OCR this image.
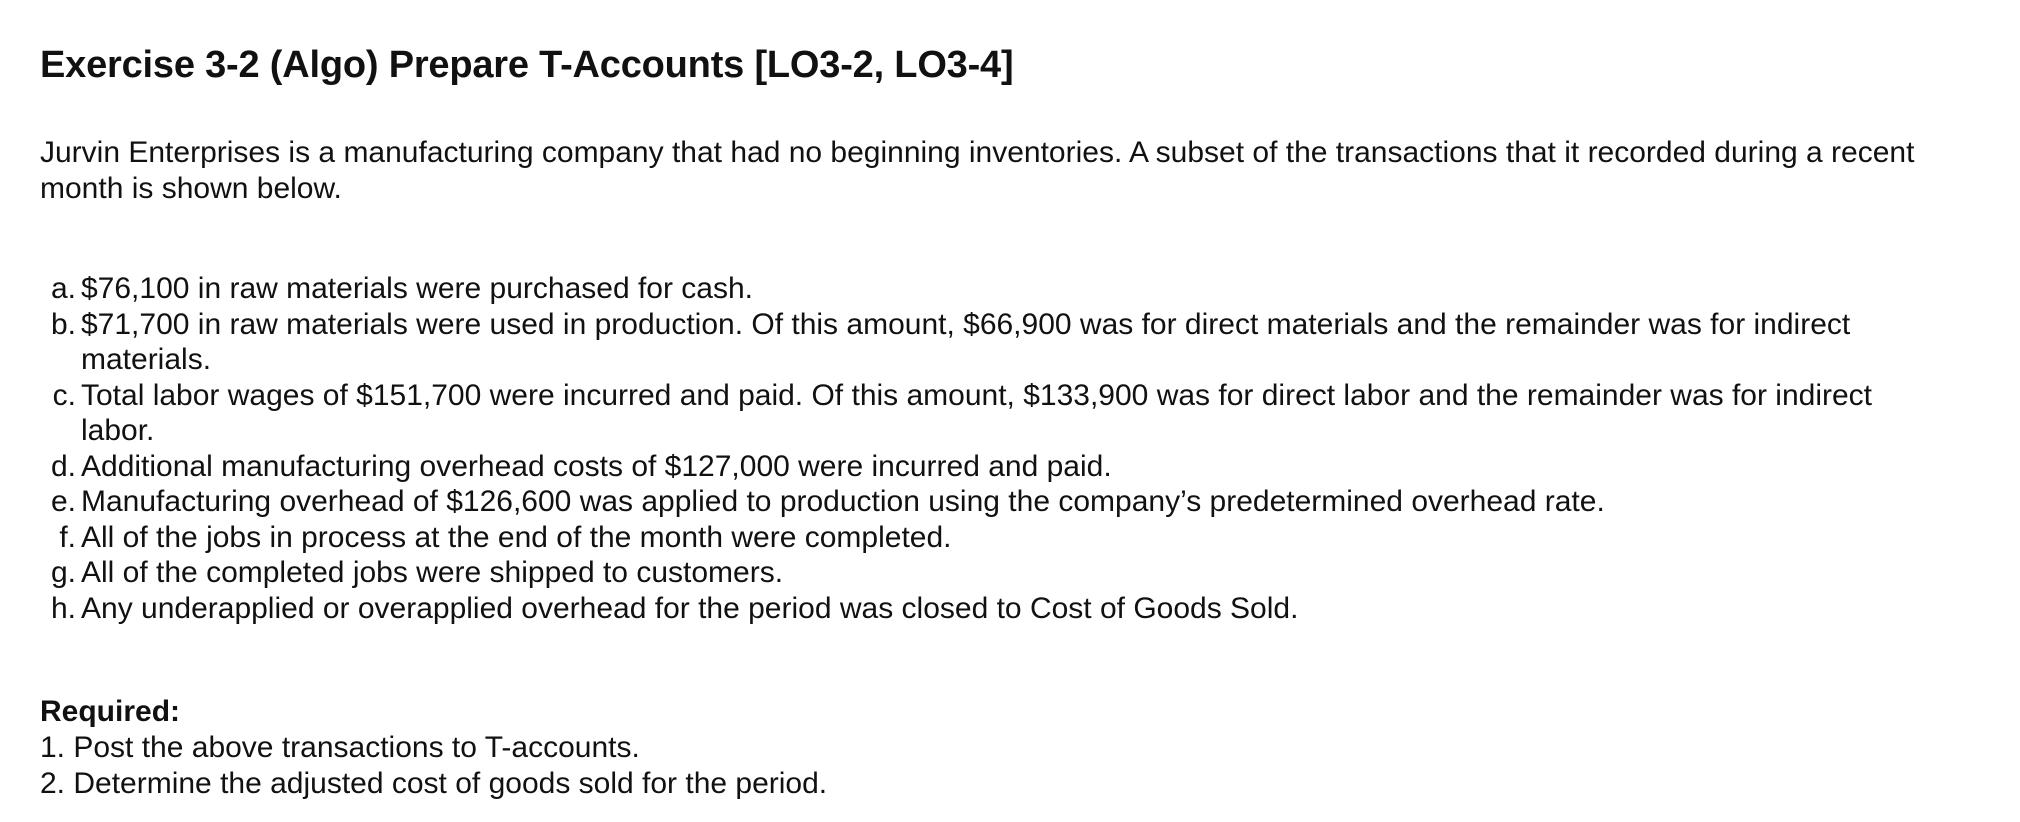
Exercise 3-2 (Algo) Prepare T-Accounts [LO3-2, LO3-4]

Jurvin Enterprises is a manufacturing company that had no beginning inventories. A subset of the transactions that it recorded during a recent month is shown below.

a. $76,100 in raw materials were purchased for cash.
b. $71,700 in raw materials were used in production. Of this amount, $66,900 was for direct materials and the remainder was for indirect materials.
c. Total labor wages of $151,700 were incurred and paid. Of this amount, $133,900 was for direct labor and the remainder was for indirect labor.
d. Additional manufacturing overhead costs of $127,000 were incurred and paid.
e. Manufacturing overhead of $126,600 was applied to production using the company’s predetermined overhead rate.
f. All of the jobs in process at the end of the month were completed.
g. All of the completed jobs were shipped to customers.
h. Any underapplied or overapplied overhead for the period was closed to Cost of Goods Sold.
Required:
1. Post the above transactions to T-accounts.
2. Determine the adjusted cost of goods sold for the period.
